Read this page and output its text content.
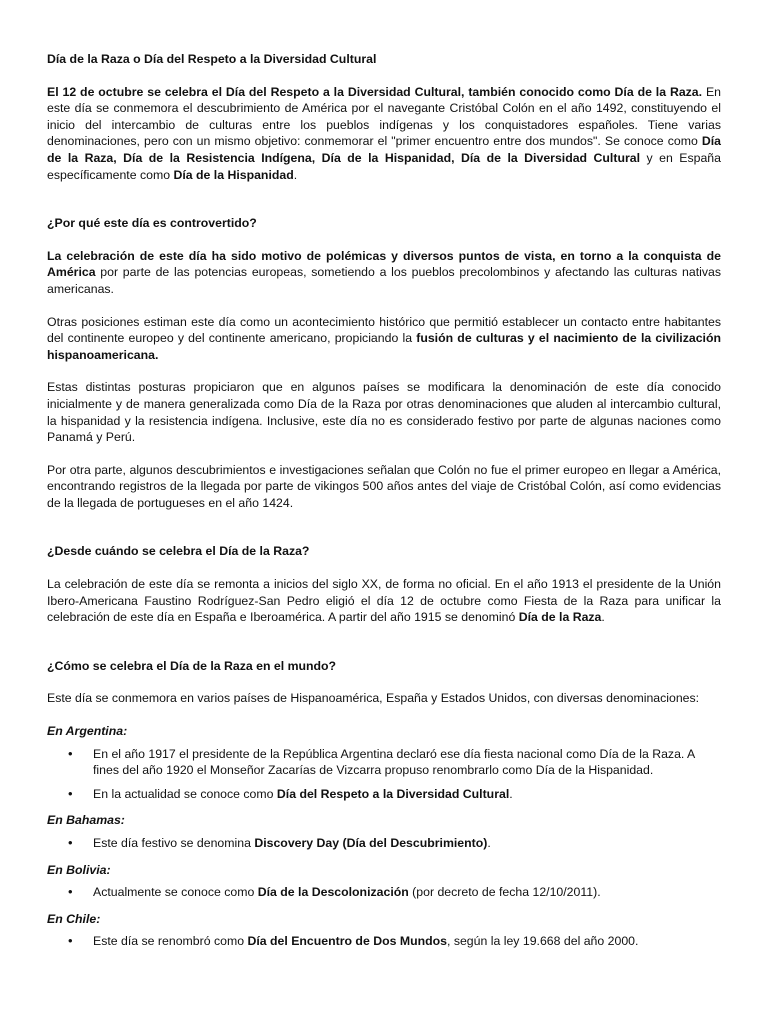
Día de la Raza o Día del Respeto a la Diversidad Cultural

El 12 de octubre se celebra el Día del Respeto a la Diversidad Cultural, también conocido como Día de la Raza. En este día se conmemora el descubrimiento de América por el navegante Cristóbal Colón en el año 1492, constituyendo el inicio del intercambio de culturas entre los pueblos indígenas y los conquistadores españoles. Tiene varias denominaciones, pero con un mismo objetivo: conmemorar el "primer encuentro entre dos mundos". Se conoce como Día de la Raza, Día de la Resistencia Indígena, Día de la Hispanidad, Día de la Diversidad Cultural y en España específicamente como Día de la Hispanidad.

¿Por qué este día es controvertido?

La celebración de este día ha sido motivo de polémicas y diversos puntos de vista, en torno a la conquista de América por parte de las potencias europeas, sometiendo a los pueblos precolombinos y afectando las culturas nativas americanas.

Otras posiciones estiman este día como un acontecimiento histórico que permitió establecer un contacto entre habitantes del continente europeo y del continente americano, propiciando la fusión de culturas y el nacimiento de la civilización hispanoamericana.

Estas distintas posturas propiciaron que en algunos países se modificara la denominación de este día conocido inicialmente y de manera generalizada como Día de la Raza por otras denominaciones que aluden al intercambio cultural, la hispanidad y la resistencia indígena. Inclusive, este día no es considerado festivo por parte de algunas naciones como Panamá y Perú.

Por otra parte, algunos descubrimientos e investigaciones señalan que Colón no fue el primer europeo en llegar a América, encontrando registros de la llegada por parte de vikingos 500 años antes del viaje de Cristóbal Colón, así como evidencias de la llegada de portugueses en el año 1424.

¿Desde cuándo se celebra el Día de la Raza?

La celebración de este día se remonta a inicios del siglo XX, de forma no oficial. En el año 1913 el presidente de la Unión Ibero-Americana Faustino Rodríguez-San Pedro eligió el día 12 de octubre como Fiesta de la Raza para unificar la celebración de este día en España e Iberoamérica. A partir del año 1915 se denominó Día de la Raza.

¿Cómo se celebra el Día de la Raza en el mundo?

Este día se conmemora en varios países de Hispanoamérica, España y Estados Unidos, con diversas denominaciones:

En Argentina:
• En el año 1917 el presidente de la República Argentina declaró ese día fiesta nacional como Día de la Raza. A fines del año 1920 el Monseñor Zacarías de Vizcarra propuso renombrarlo como Día de la Hispanidad.
• En la actualidad se conoce como Día del Respeto a la Diversidad Cultural.
En Bahamas:
• Este día festivo se denomina Discovery Day (Día del Descubrimiento).
En Bolivia:
• Actualmente se conoce como Día de la Descolonización (por decreto de fecha 12/10/2011).
En Chile:
• Este día se renombró como Día del Encuentro de Dos Mundos, según la ley 19.668 del año 2000.
